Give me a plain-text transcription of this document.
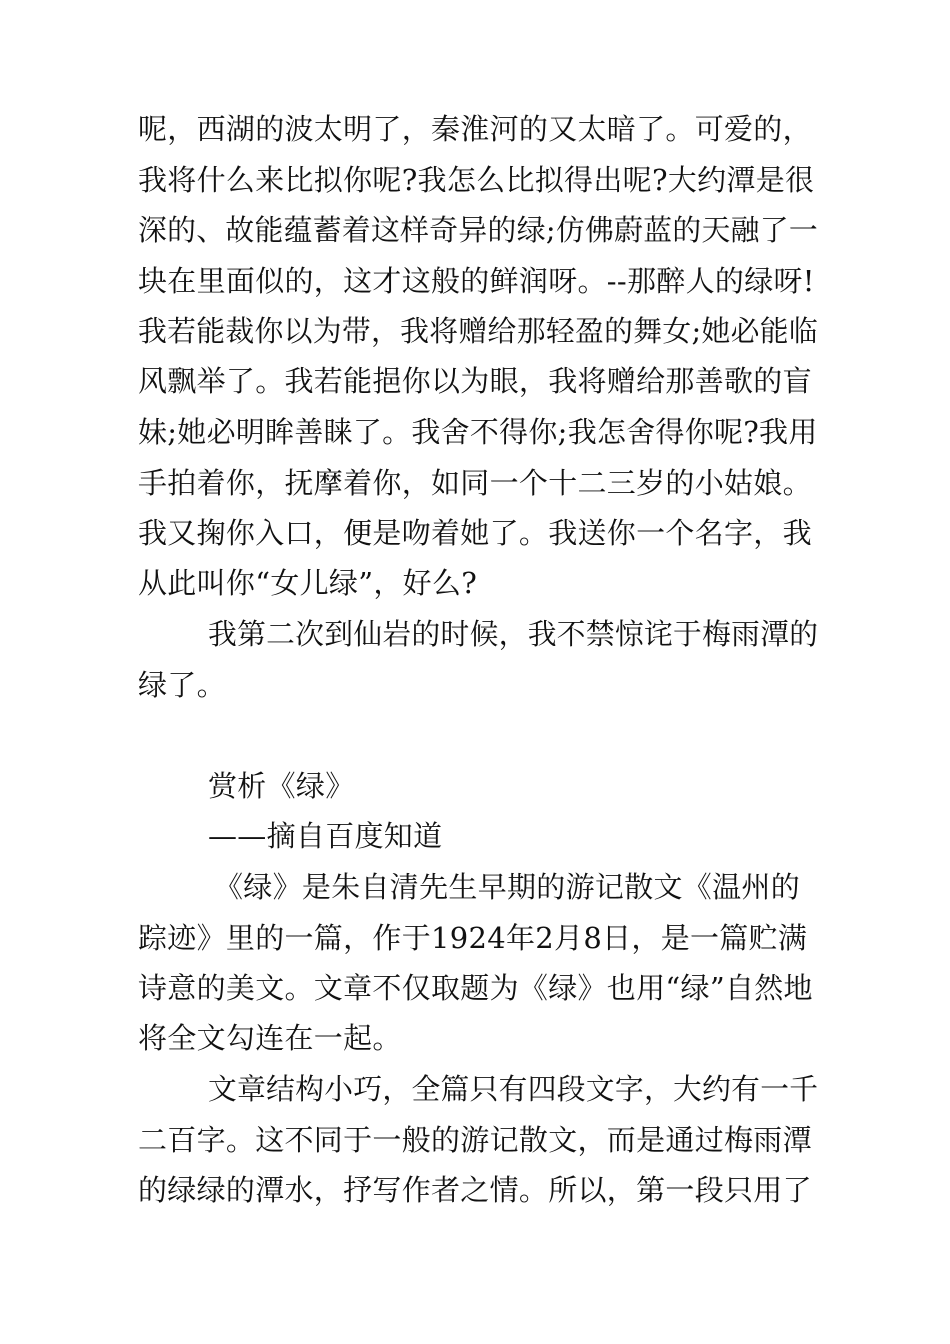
呢，西湖的波太明了，秦淮河的又太暗了。可爱的，
我将什么来比拟你呢?我怎么比拟得出呢?大约潭是很
深的、故能蕴蓄着这样奇异的绿;仿佛蔚蓝的天融了一
块在里面似的，这才这般的鲜润呀。--那醉人的绿呀!
我若能裁你以为带，我将赠给那轻盈的舞女;她必能临
风飘举了。我若能挹你以为眼，我将赠给那善歌的盲
妹;她必明眸善睐了。我舍不得你;我怎舍得你呢?我用
手拍着你，抚摩着你，如同一个十二三岁的小姑娘。
我又掬你入口，便是吻着她了。我送你一个名字，我
从此叫你“女儿绿”，好么?
我第二次到仙岩的时候，我不禁惊诧于梅雨潭的
绿了。
赏析《绿》
——摘自百度知道
《绿》是朱自清先生早期的游记散文《温州的
踪迹》里的一篇，作于1924年2月8日，是一篇贮满
诗意的美文。文章不仅取题为《绿》也用“绿”自然地
将全文勾连在一起。
文章结构小巧，全篇只有四段文字，大约有一千
二百字。这不同于一般的游记散文，而是通过梅雨潭
的绿绿的潭水，抒写作者之情。所以，第一段只用了
